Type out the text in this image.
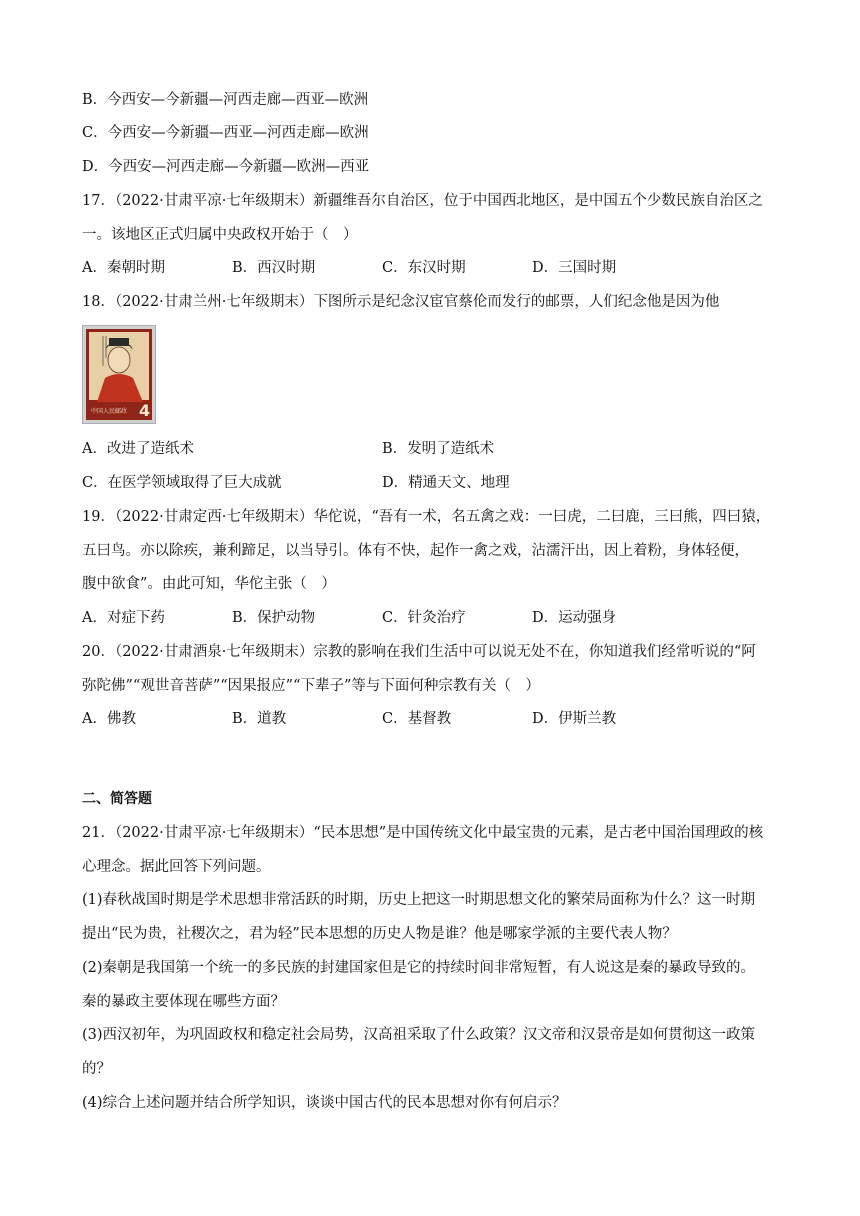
B．今西安—今新疆—河西走廊—西亚—欧洲
C．今西安—今新疆—西亚—河西走廊—欧洲
D．今西安—河西走廊—今新疆—欧洲—西亚
17．（2022·甘肃平凉·七年级期末）新疆维吾尔自治区，位于中国西北地区，是中国五个少数民族自治区之
一。该地区正式归属中央政权开始于（　）
A．秦朝时期	B．西汉时期	C．东汉时期	D．三国时期
18．（2022·甘肃兰州·七年级期末）下图所示是纪念汉宦官蔡伦而发行的邮票，人们纪念他是因为他
中国人民邮政 4
A．改进了造纸术	B．发明了造纸术
C．在医学领域取得了巨大成就	D．精通天文、地理
19．（2022·甘肃定西·七年级期末）华佗说，“吾有一术，名五禽之戏：一曰虎，二曰鹿，三曰熊，四曰猿，
五曰鸟。亦以除疾，兼利蹄足，以当导引。体有不快，起作一禽之戏，沾濡汗出，因上着粉，身体轻便，
腹中欲食”。由此可知，华佗主张（　）
A．对症下药	B．保护动物	C．针灸治疗	D．运动强身
20．（2022·甘肃酒泉·七年级期末）宗教的影响在我们生活中可以说无处不在，你知道我们经常听说的“阿
弥陀佛”“观世音菩萨”“因果报应”“下辈子”等与下面何种宗教有关（　）
A．佛教	B．道教	C．基督教	D．伊斯兰教
二、简答题
21．（2022·甘肃平凉·七年级期末）“民本思想”是中国传统文化中最宝贵的元素，是古老中国治国理政的核
心理念。据此回答下列问题。
(1)春秋战国时期是学术思想非常活跃的时期，历史上把这一时期思想文化的繁荣局面称为什么？这一时期
提出“民为贵，社稷次之，君为轻”民本思想的历史人物是谁？他是哪家学派的主要代表人物？
(2)秦朝是我国第一个统一的多民族的封建国家但是它的持续时间非常短暂，有人说这是秦的暴政导致的。
秦的暴政主要体现在哪些方面？
(3)西汉初年，为巩固政权和稳定社会局势，汉高祖采取了什么政策？汉文帝和汉景帝是如何贯彻这一政策
的？
(4)综合上述问题并结合所学知识，谈谈中国古代的民本思想对你有何启示？
